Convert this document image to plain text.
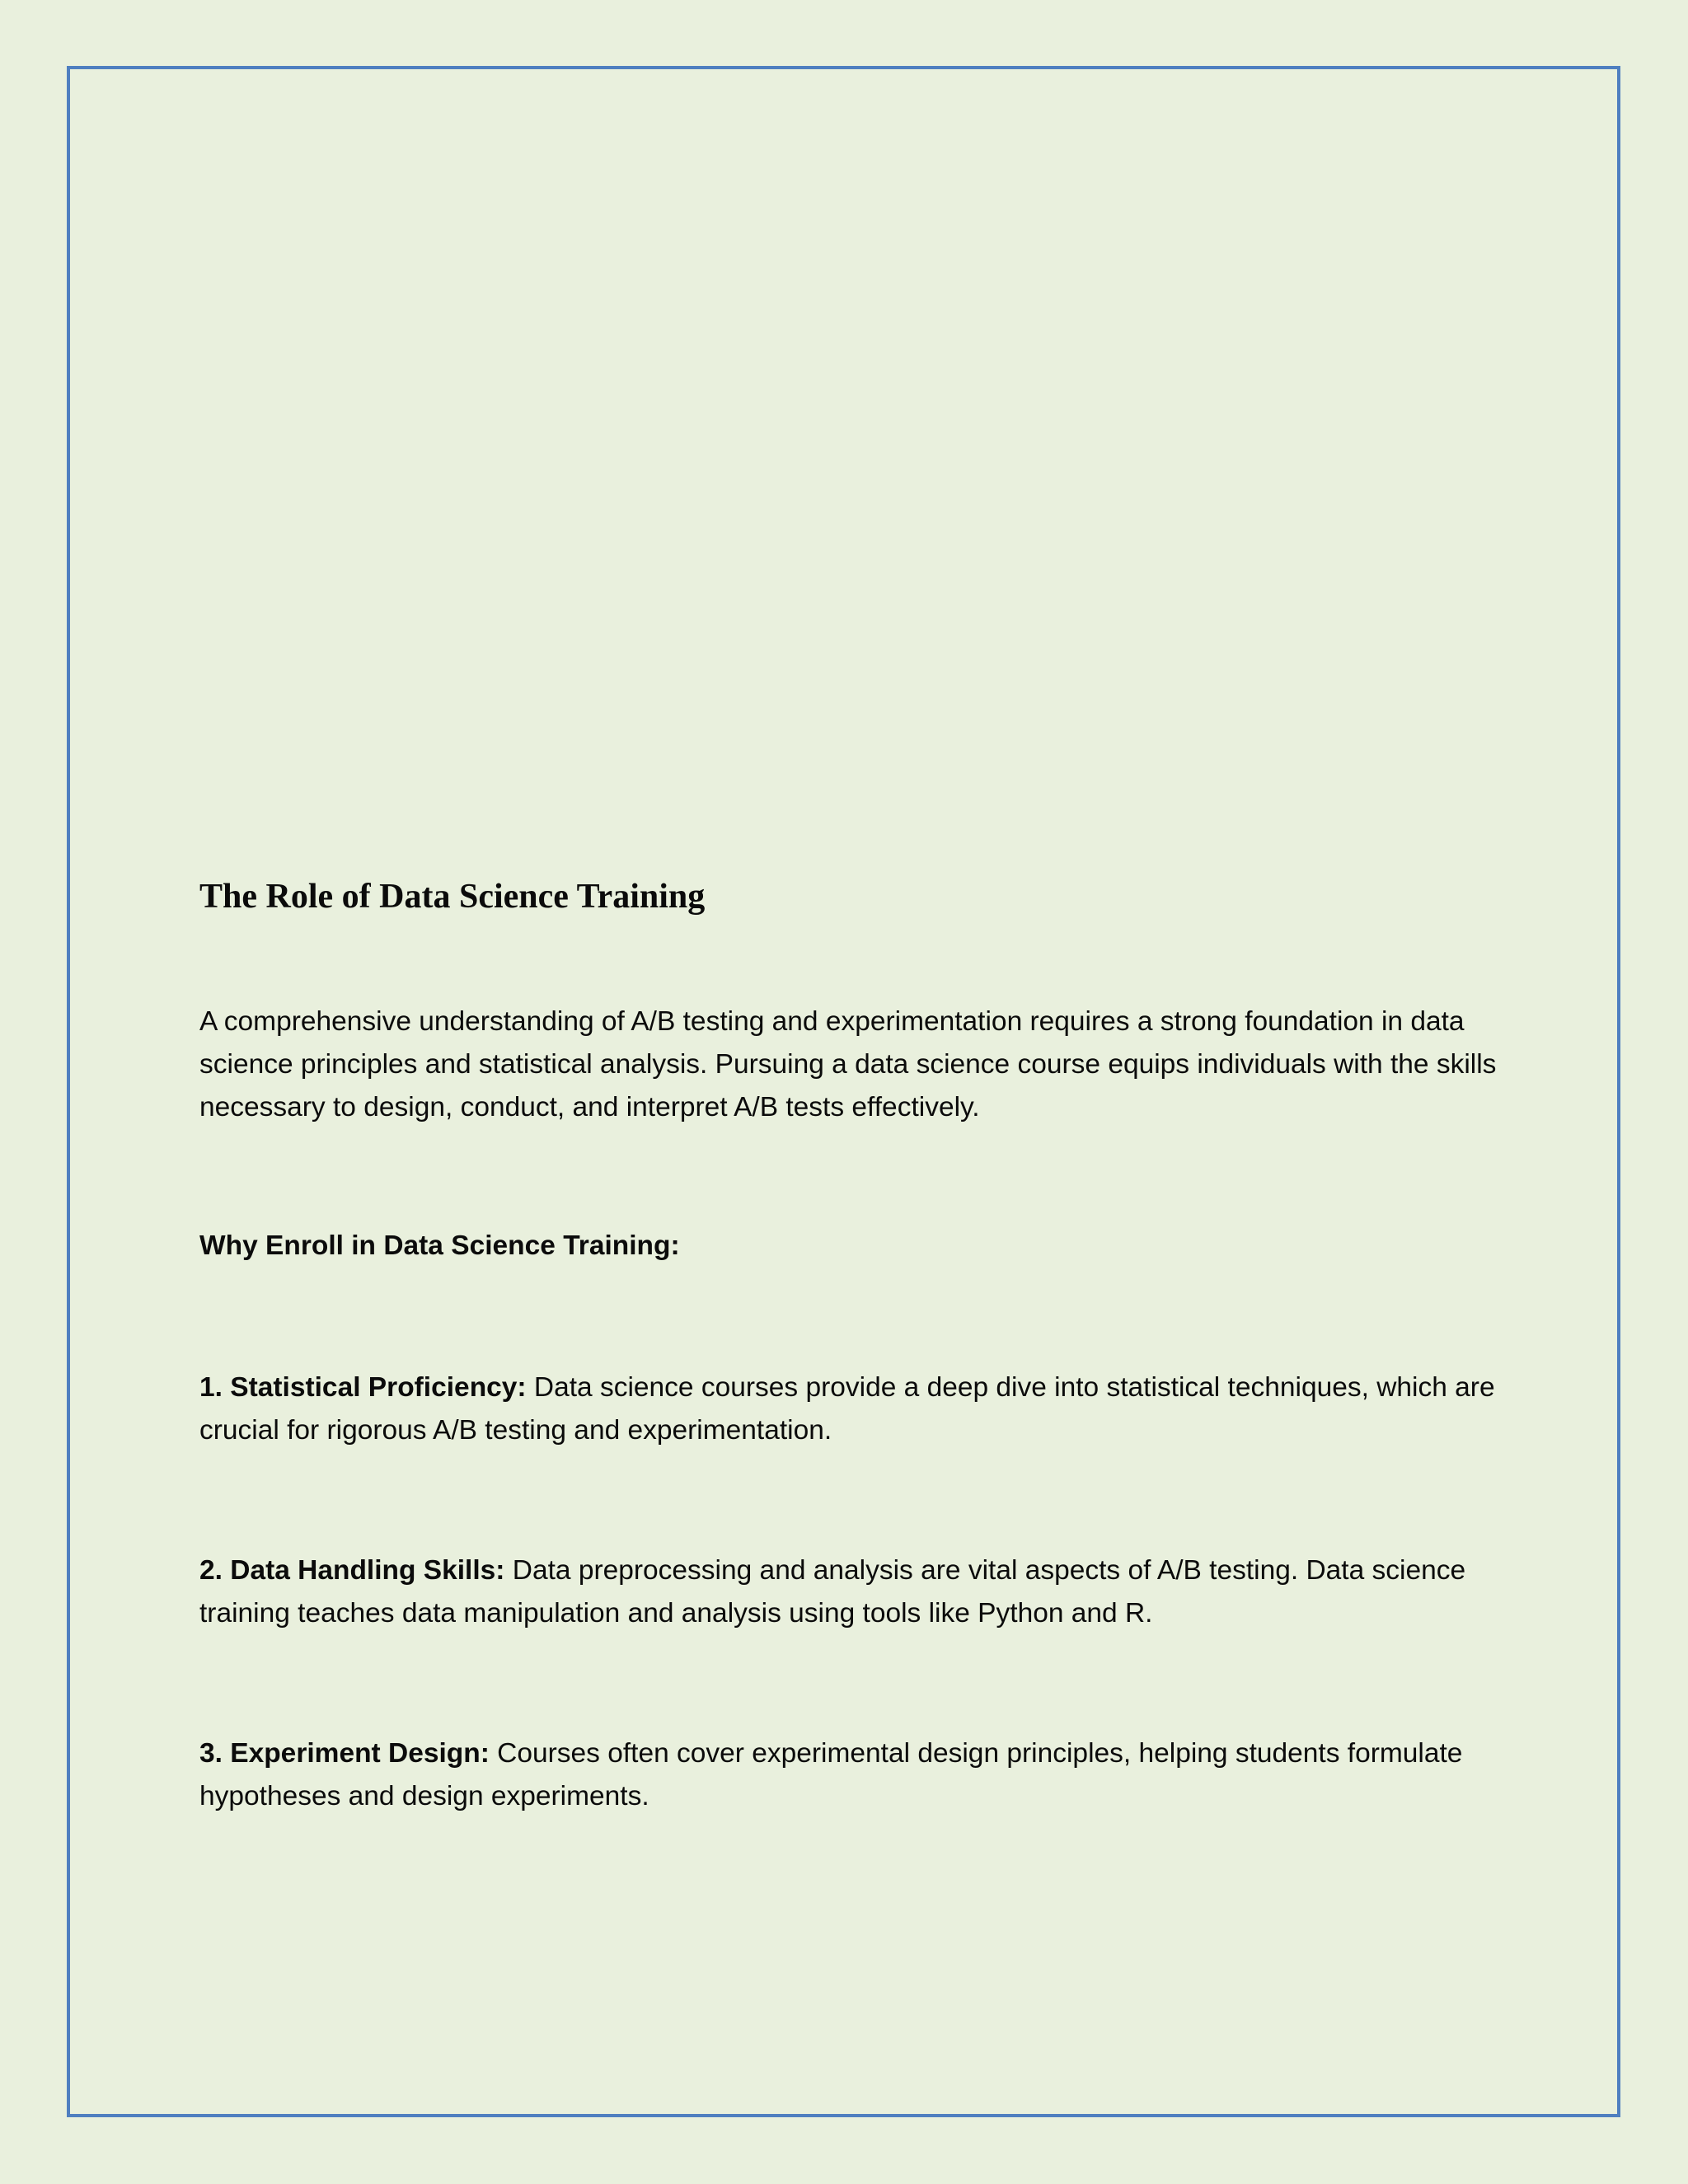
The Role of Data Science Training

A comprehensive understanding of A/B testing and experimentation requires a strong foundation in data science principles and statistical analysis. Pursuing a data science course equips individuals with the skills necessary to design, conduct, and interpret A/B tests effectively.

Why Enroll in Data Science Training:

1. Statistical Proficiency: Data science courses provide a deep dive into statistical techniques, which are crucial for rigorous A/B testing and experimentation.

2. Data Handling Skills: Data preprocessing and analysis are vital aspects of A/B testing. Data science training teaches data manipulation and analysis using tools like Python and R.

3. Experiment Design: Courses often cover experimental design principles, helping students formulate hypotheses and design experiments.
